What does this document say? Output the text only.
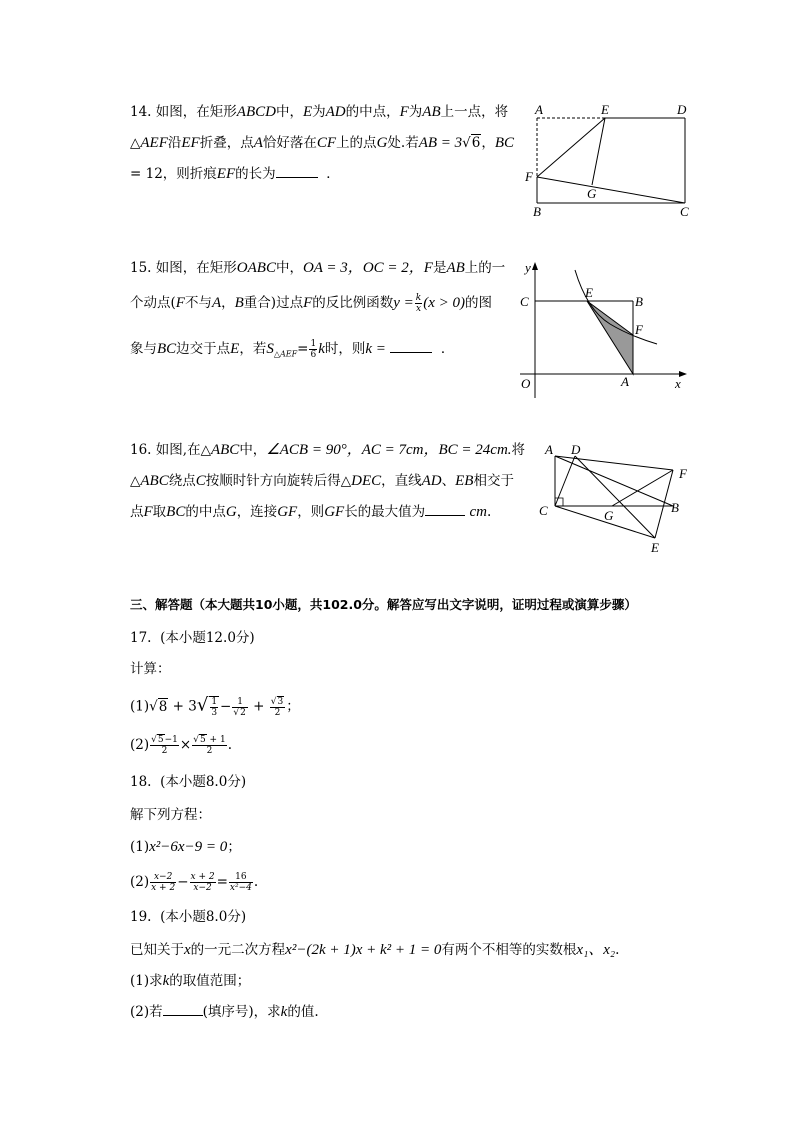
14. 如图，在矩形ABCD中，E为AD的中点，F为AB上一点，将
△AEF沿EF折叠，点A恰好落在CF上的点G处.若AB = 3√6，BC
= 12，则折痕EF的长为	．
A	E	D
F
G
B	C
15. 如图，在矩形OABC中，OA = 3，OC = 2，F是AB上的一
个动点(F不与A，B重合)过点F的反比例函数$y = \frac{k}{x} (x > 0)$的图
象与BC边交于点E，若$S_{\triangle AEF}= \frac{1}{6}$ k时，则k =	．
y
x
C
E
B
F
O	A
16. 如图,在△ABC中，∠ACB = 90°，AC = 7cm，BC = 24cm.将
△ABC绕点C按顺时针方向旋转后得△DEC，直线AD、EB相交于
点F取BC的中点G，连接GF，则GF长的最大值为	cm.
A D
F
C	G
B
E
三、解答题（本大题共10小题，共102.0分。解答应写出文字说明，证明过程或演算步骤）
17. (本小题12.0分)
计算：
$(1)√8 + 3√ \frac{1}{3} - \frac{1}{√2} + \frac{√3}{2}$ ；
$(2) \frac{√5-1}{2} \times \frac{√5 + 1}{2}$ .
18. (本小题8.0分)
解下列方程：
(1)x²−6x−9 = 0；
$(2) \frac{x-2}{x + 2} - \frac{x + 2}{x-2} = \frac{16}{\text{x²−4}}$ .
19. (本小题8.0分)
已知关于x的一元二次方程x²−(2k + 1)x + k² + 1 = 0有两个不相等的实数根x₁、x₂.
(1)求k的取值范围；
(2)若	(填序号)，求k的值.
